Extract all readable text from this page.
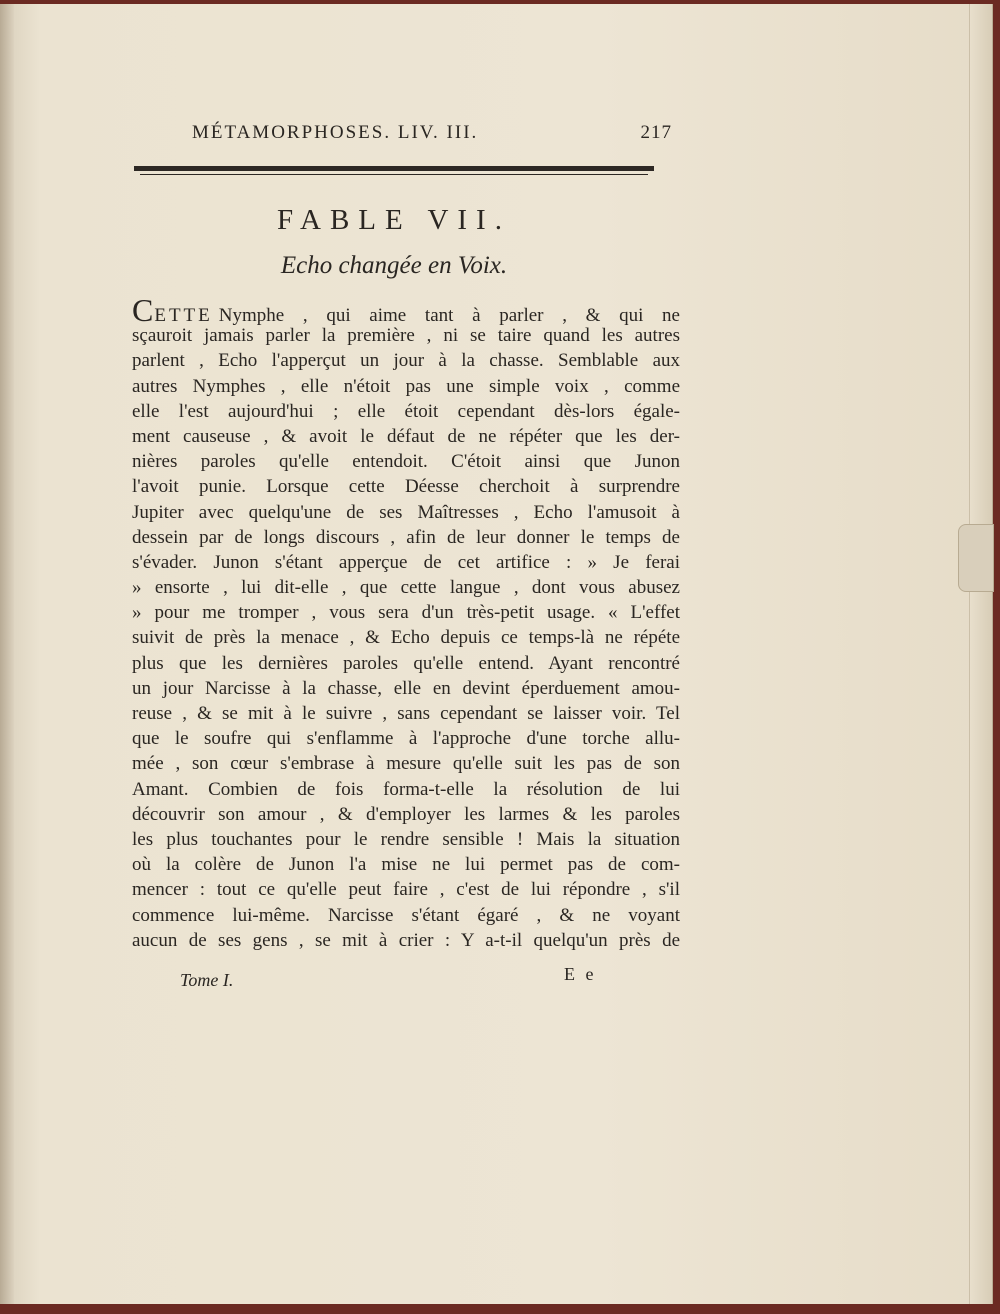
MÉTAMORPHOSES. LIV. III.	217
FABLE VII.
Echo changée en Voix.
CETTE Nymphe , qui aime tant à parler , & qui ne
sçauroit jamais parler la première , ni se taire quand les autres
parlent , Echo l'apperçut un jour à la chasse. Semblable aux
autres Nymphes , elle n'étoit pas une simple voix , comme
elle l'est aujourd'hui ; elle étoit cependant dès-lors égale-
ment causeuse , & avoit le défaut de ne répéter que les der-
nières paroles qu'elle entendoit. C'étoit ainsi que Junon
l'avoit punie. Lorsque cette Déesse cherchoit à surprendre
Jupiter avec quelqu'une de ses Maîtresses , Echo l'amusoit à
dessein par de longs discours , afin de leur donner le temps de
s'évader. Junon s'étant apperçue de cet artifice : » Je ferai
» ensorte , lui dit-elle , que cette langue , dont vous abusez
» pour me tromper , vous sera d'un très-petit usage. « L'effet
suivit de près la menace , & Echo depuis ce temps-là ne répéte
plus que les dernières paroles qu'elle entend. Ayant rencontré
un jour Narcisse à la chasse, elle en devint éperduement amou-
reuse , & se mit à le suivre , sans cependant se laisser voir. Tel
que le soufre qui s'enflamme à l'approche d'une torche allu-
mée , son cœur s'embrase à mesure qu'elle suit les pas de son
Amant. Combien de fois forma-t-elle la résolution de lui
découvrir son amour , & d'employer les larmes & les paroles
les plus touchantes pour le rendre sensible ! Mais la situation
où la colère de Junon l'a mise ne lui permet pas de com-
mencer : tout ce qu'elle peut faire , c'est de lui répondre , s'il
commence lui-même. Narcisse s'étant égaré , & ne voyant
aucun de ses gens , se mit à crier : Y a-t-il quelqu'un près de
Tome I.	E e
